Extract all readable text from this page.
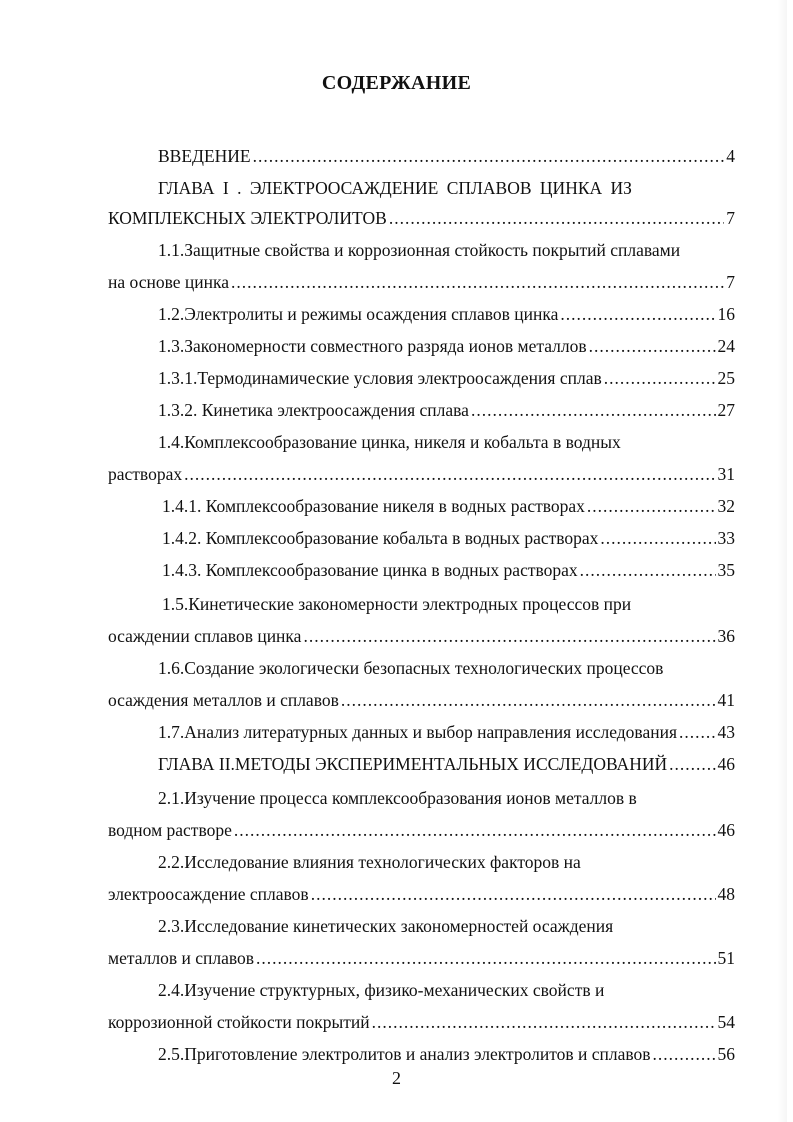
СОДЕРЖАНИЕ
ВВЕДЕНИЕ .....	4
ГЛАВА I . ЭЛЕКТРООСАЖДЕНИЕ СПЛАВОВ ЦИНКА ИЗ
КОМПЛЕКСНЫХ ЭЛЕКТРОЛИТОВ .....	7
1.1.Защитные свойства и коррозионная стойкость покрытий сплавами
на основе цинка .....	7
1.2.Электролиты и режимы осаждения сплавов цинка .....	16
1.3.Закономерности совместного разряда ионов металлов .....	24
1.3.1.Термодинамические условия электроосаждения сплав .....	25
1.3.2. Кинетика электроосаждения сплава .....	27
1.4.Комплексообразование цинка, никеля и кобальта в водных
растворах .....	31
1.4.1. Комплексообразование никеля в водных растворах .....	32
1.4.2. Комплексообразование кобальта в водных растворах .....	33
1.4.3. Комплексообразование цинка в водных растворах .....	35
1.5.Кинетические закономерности электродных процессов при
осаждении сплавов цинка .....	36
1.6.Создание экологически безопасных технологических процессов
осаждения металлов и сплавов .....	41
1.7.Анализ литературных данных и выбор направления исследования ..... 43
ГЛАВА II.МЕТОДЫ ЭКСПЕРИМЕНТАЛЬНЫХ ИССЛЕДОВАНИЙ .....	46
2.1.Изучение процесса комплексообразования ионов металлов в
водном растворе .....	46
2.2.Исследование влияния технологических факторов на
электроосаждение сплавов .....	48
2.3.Исследование кинетических закономерностей осаждения
металлов и сплавов .....	51
2.4.Изучение структурных, физико-механических свойств и
коррозионной стойкости покрытий .....	54
2.5.Приготовление электролитов и анализ электролитов и сплавов .....	56
2
